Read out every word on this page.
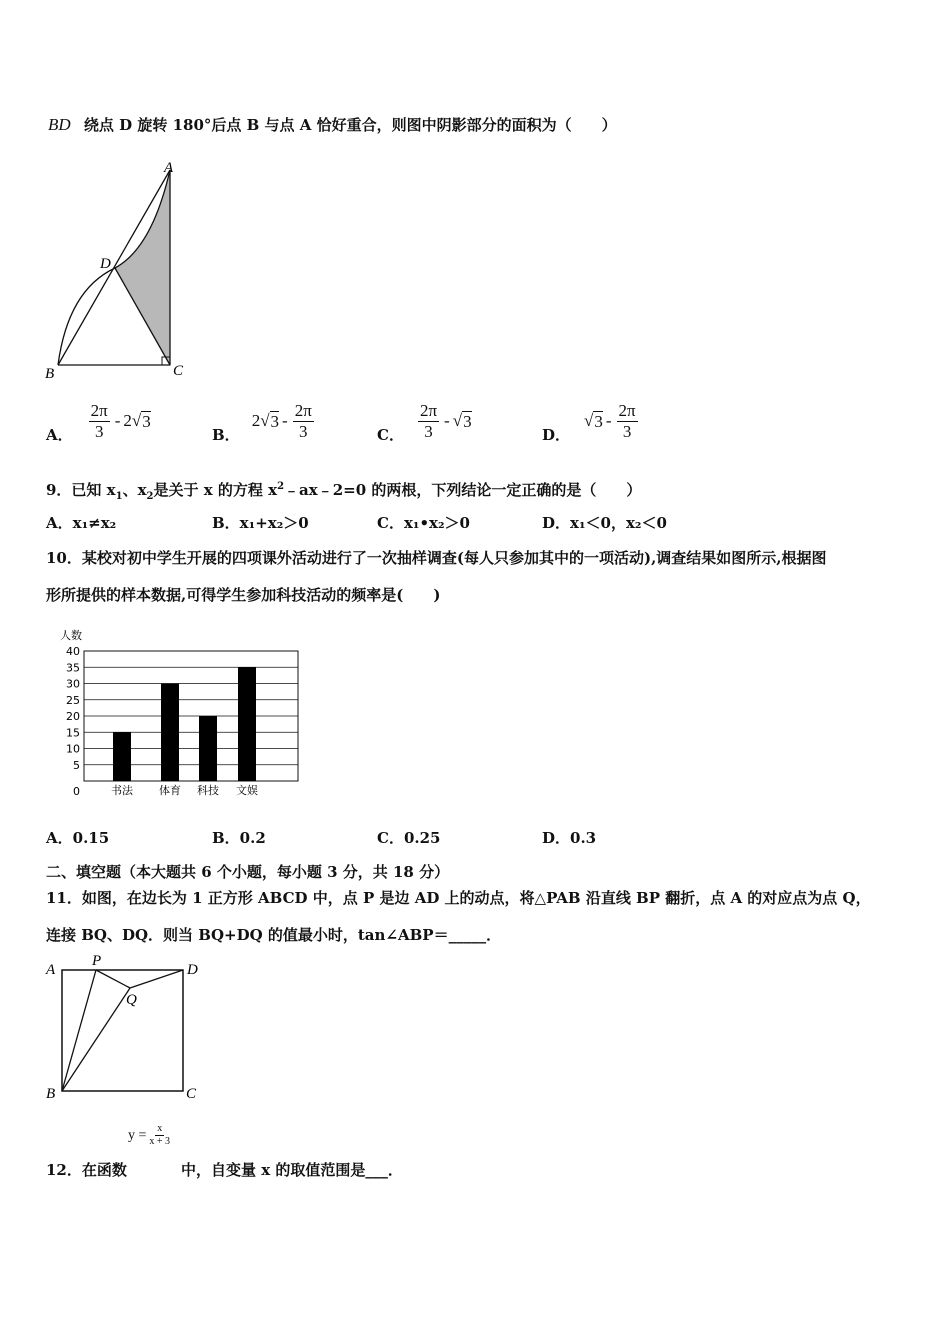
BD 绕点 D 旋转 180°后点 B 与点 A 恰好重合，则图中阴影部分的面积为（　　）
A
B	C
D
A． $\frac{2\pi}{3} - 2$ √ 3
B．
2 √ $3 - \frac{2\pi}{3}$	C． $\frac{2\pi}{3}$ - √ 3
D．
√ $3 - \frac{2\pi}{3}$
9．已知 $x_1$、$x_2$是关于 x 的方程 $x^2﹣ax﹣2=0$ 的两根，下列结论一定正确的是（　　）
A．x₁≠x₂	B．x₁+x₂＞0	C．x₁•x₂＞0	D．x₁＜0，x₂＜0
10．某校对初中学生开展的四项课外活动进行了一次抽样调查(每人只参加其中的一项活动),调查结果如图所示,根据图
形所提供的样本数据,可得学生参加科技活动的频率是(　　)
人数
0
5
10
15
20
25
30
35
40
书法 体育 科技 文娱
A．0.15	B．0.2	C．0.25	D．0.3
二、填空题（本大题共 6 个小题，每小题 3 分，共 18 分）
11．如图，在边长为 1 正方形 ABCD 中，点 P 是边 AD 上的动点，将△PAB 沿直线 BP 翻折，点 A 的对应点为点 Q，
连接 BQ、DQ．则当 BQ+DQ 的值最小时，tan∠ABP＝_____．
A
P
D
Q
B	C
$y = \frac{x}{x + 3}$
12．在函数	中，自变量 x 的取值范围是___．
